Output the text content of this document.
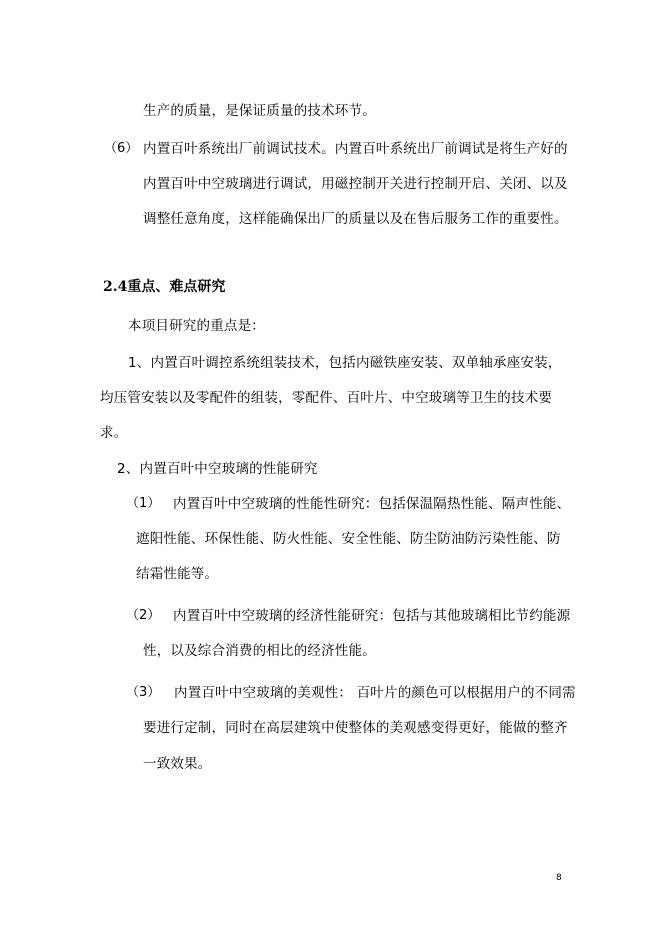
生产的质量，是保证质量的技术环节。
（6） 内置百叶系统出厂前调试技术。内置百叶系统出厂前调试是将生产好的
内置百叶中空玻璃进行调试，用磁控制开关进行控制开启、关闭、以及
调整任意角度，这样能确保出厂的质量以及在售后服务工作的重要性。
2.4重点、难点研究
本项目研究的重点是：
1、内置百叶调控系统组装技术，包括内磁铁座安装、双单轴承座安装，
均压管安装以及零配件的组装，零配件、百叶片、中空玻璃等卫生的技术要
求。
2、内置百叶中空玻璃的性能研究
（1） 内置百叶中空玻璃的性能性研究：包括保温隔热性能、隔声性能、
遮阳性能、环保性能、防火性能、安全性能、防尘防油防污染性能、防
结霜性能等。
（2） 内置百叶中空玻璃的经济性能研究：包括与其他玻璃相比节约能源
性，以及综合消费的相比的经济性能。
（3） 内置百叶中空玻璃的美观性： 百叶片的颜色可以根据用户的不同需
要进行定制，同时在高层建筑中使整体的美观感变得更好，能做的整齐
一致效果。
8
